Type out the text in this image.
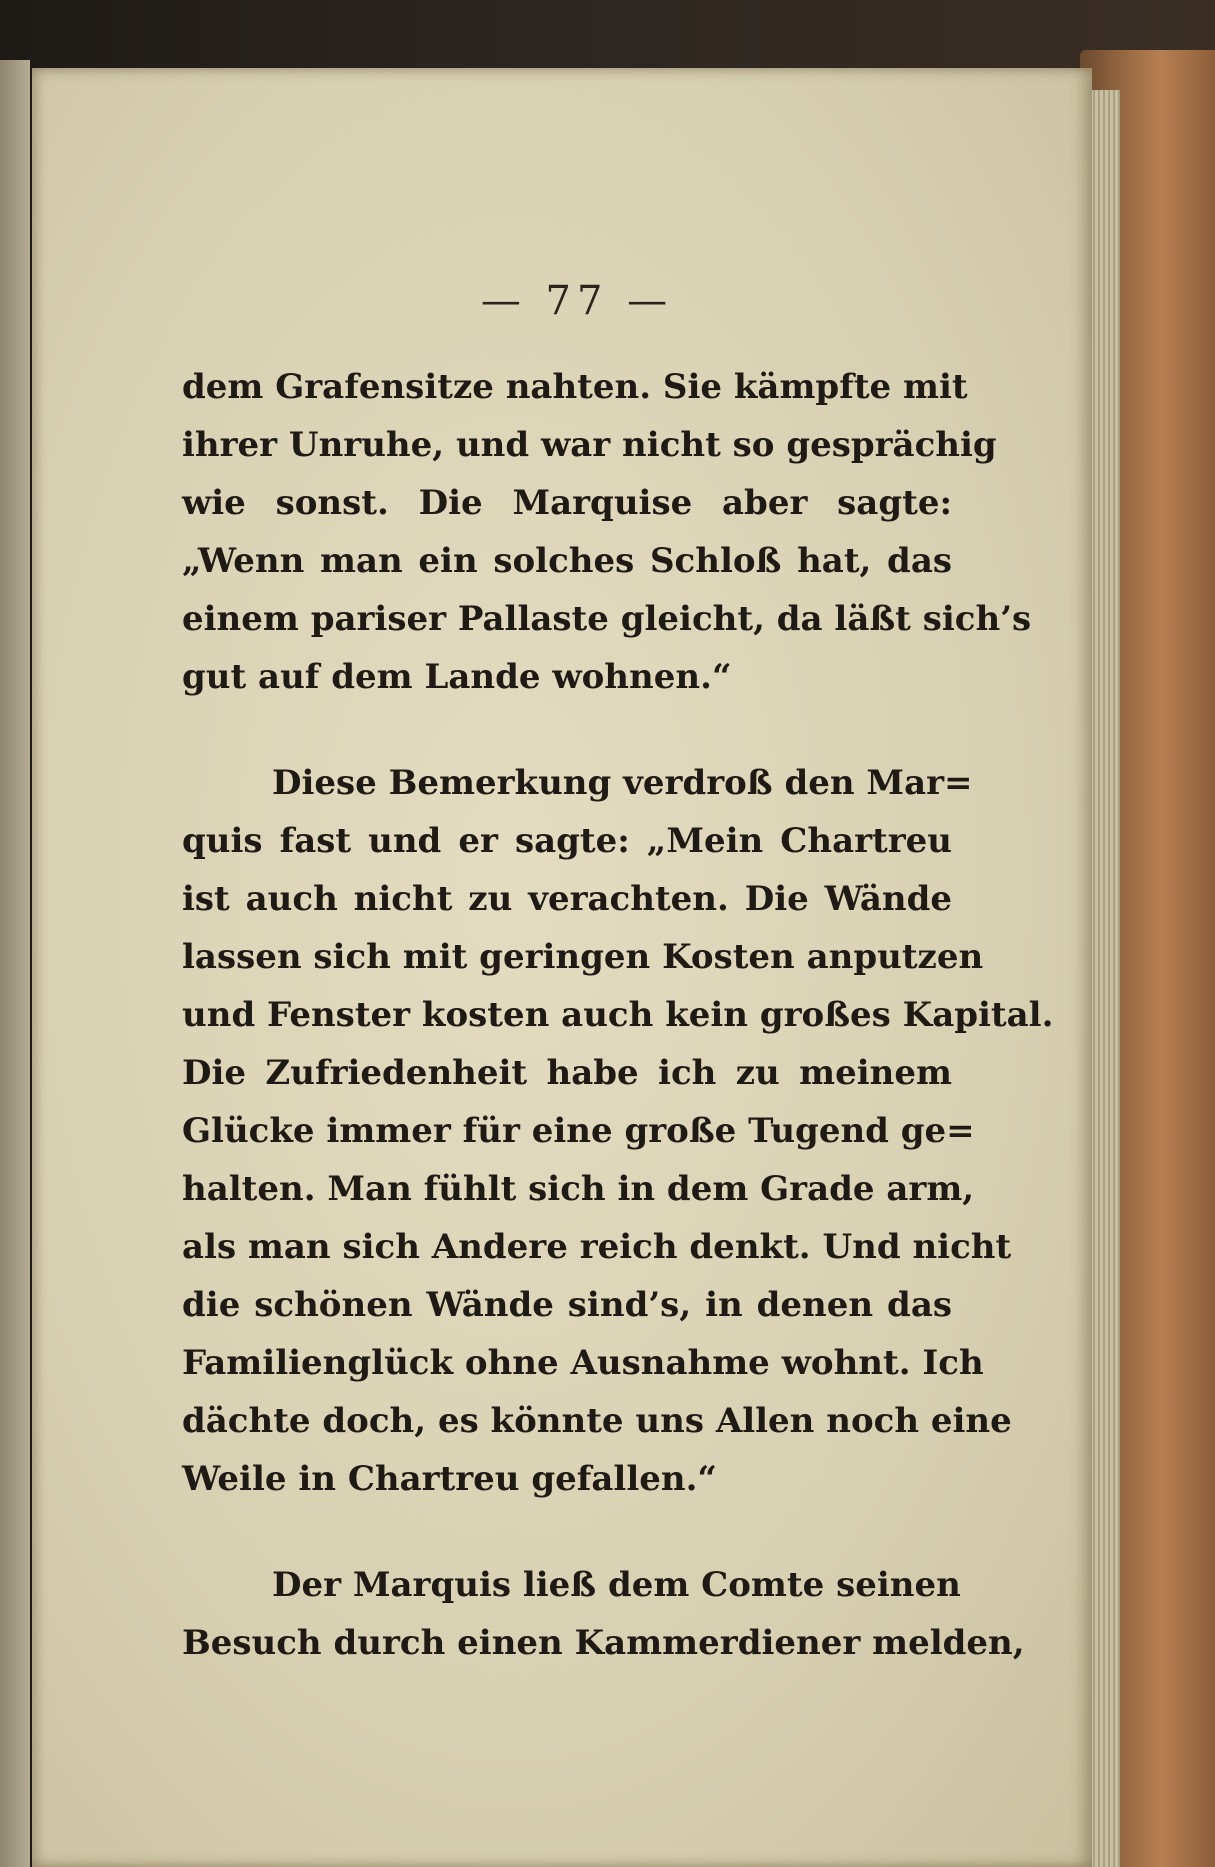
— 77 —

dem Grafensitze nahten. Sie kämpfte mit
ihrer Unruhe, und war nicht so gesprächig
wie sonst. Die Marquise aber sagte:
„Wenn man ein solches Schloß hat, das
einem pariser Pallaste gleicht, da läßt sich’s
gut auf dem Lande wohnen.“

Diese Bemerkung verdroß den Mar=
quis fast und er sagte: „Mein Chartreu
ist auch nicht zu verachten. Die Wände
lassen sich mit geringen Kosten anputzen
und Fenster kosten auch kein großes Kapital.
Die Zufriedenheit habe ich zu meinem
Glücke immer für eine große Tugend ge=
halten. Man fühlt sich in dem Grade arm,
als man sich Andere reich denkt. Und nicht
die schönen Wände sind’s, in denen das
Familienglück ohne Ausnahme wohnt. Ich
dächte doch, es könnte uns Allen noch eine
Weile in Chartreu gefallen.“

Der Marquis ließ dem Comte seinen
Besuch durch einen Kammerdiener melden,
